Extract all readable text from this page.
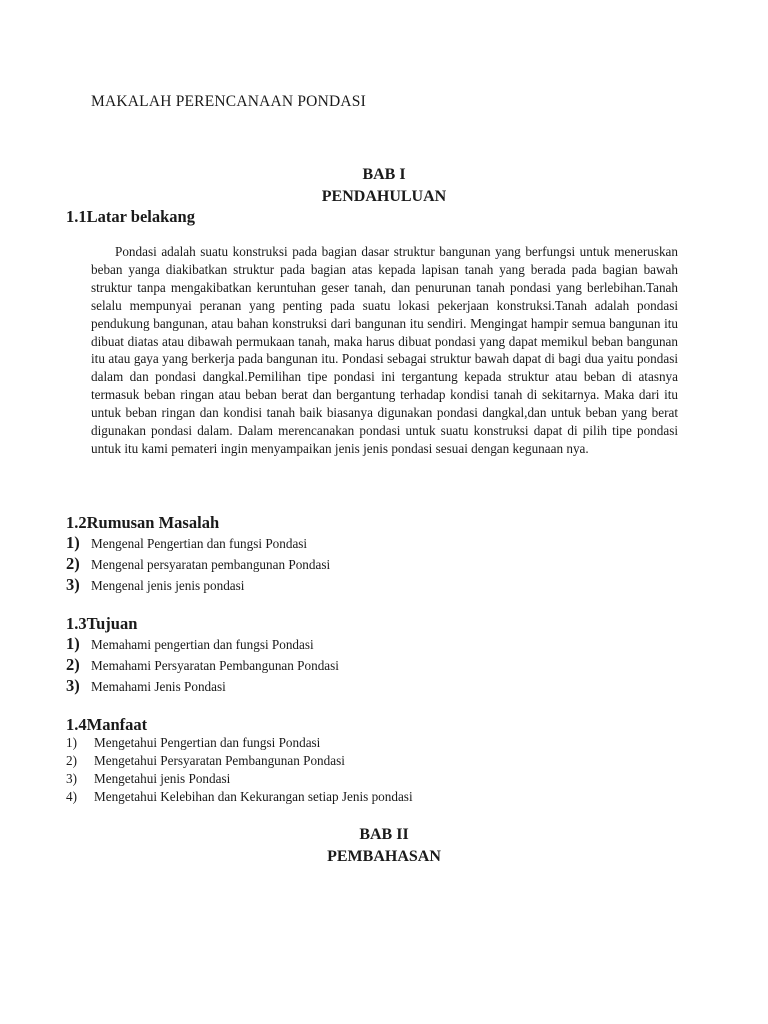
MAKALAH PERENCANAAN PONDASI
BAB I
PENDAHULUAN
1.1Latar belakang

Pondasi adalah suatu konstruksi pada bagian dasar struktur bangunan yang berfungsi untuk meneruskan beban yanga diakibatkan struktur pada bagian atas kepada lapisan tanah yang berada pada bagian bawah struktur tanpa mengakibatkan keruntuhan geser tanah, dan penurunan tanah pondasi yang berlebihan.Tanah selalu mempunyai peranan yang penting pada suatu lokasi pekerjaan konstruksi.Tanah adalah pondasi pendukung bangunan, atau bahan konstruksi dari bangunan itu sendiri. Mengingat hampir semua bangunan itu dibuat diatas atau dibawah permukaan tanah, maka harus dibuat pondasi yang dapat memikul beban bangunan itu atau gaya yang berkerja pada bangunan itu. Pondasi sebagai struktur bawah dapat di bagi dua yaitu pondasi dalam dan pondasi dangkal.Pemilihan tipe pondasi ini tergantung kepada struktur atau beban di atasnya termasuk beban ringan atau beban berat dan bergantung terhadap kondisi tanah di sekitarnya. Maka dari itu untuk beban ringan dan kondisi tanah baik biasanya digunakan pondasi dangkal,dan untuk beban yang berat digunakan pondasi dalam. Dalam merencanakan pondasi untuk suatu konstruksi dapat di pilih tipe pondasi untuk itu kami pemateri ingin menyampaikan jenis jenis pondasi sesuai dengan kegunaan nya.

1.2Rumusan Masalah
1) Mengenal Pengertian dan fungsi Pondasi
2) Mengenal persyaratan pembangunan Pondasi
3) Mengenal jenis jenis pondasi
1.3Tujuan
1) Memahami pengertian dan fungsi Pondasi
2) Memahami Persyaratan Pembangunan Pondasi
3) Memahami Jenis Pondasi
1.4Manfaat
1)	Mengetahui Pengertian dan fungsi Pondasi
2)	Mengetahui Persyaratan Pembangunan Pondasi
3)	Mengetahui jenis Pondasi
4)	Mengetahui Kelebihan dan Kekurangan setiap Jenis pondasi
BAB II
PEMBAHASAN
